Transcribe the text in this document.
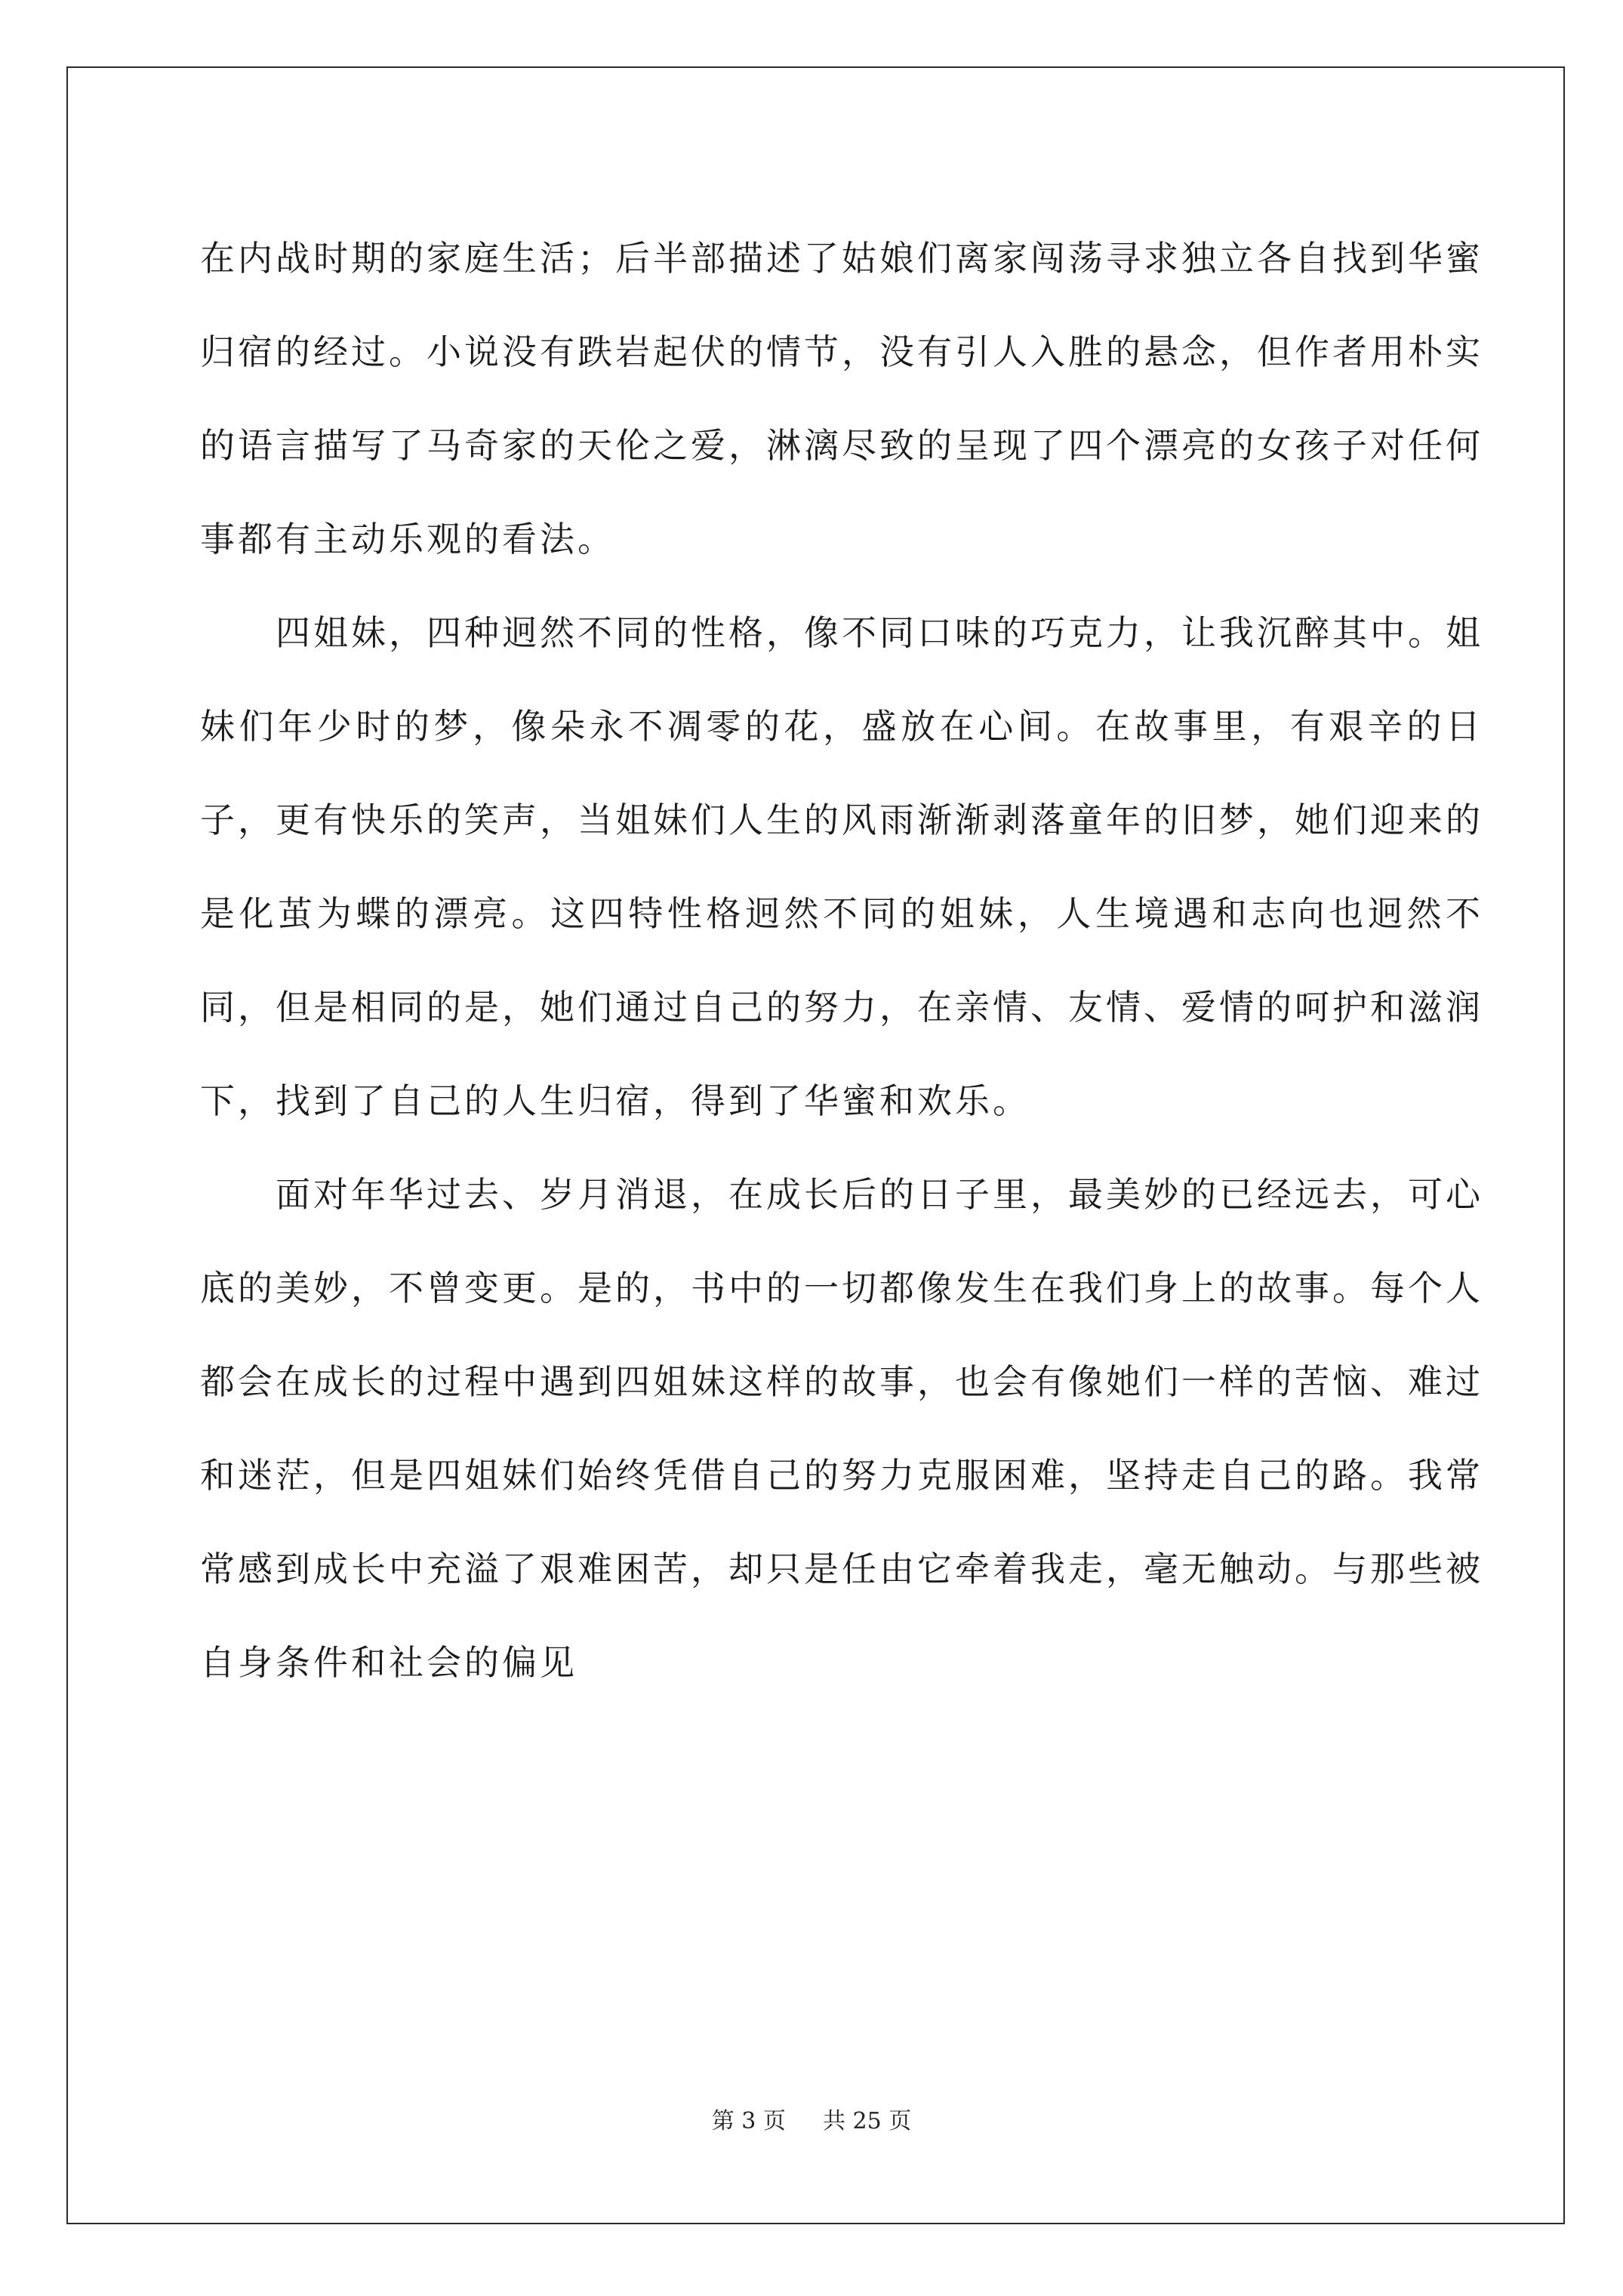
在内战时期的家庭生活；后半部描述了姑娘们离家闯荡寻求独立各自找到华蜜归宿的经过。小说没有跌岩起伏的情节，没有引人入胜的悬念，但作者用朴实的语言描写了马奇家的天伦之爱，淋漓尽致的呈现了四个漂亮的女孩子对任何事都有主动乐观的看法。

四姐妹，四种迥然不同的性格，像不同口味的巧克力，让我沉醉其中。姐妹们年少时的梦，像朵永不凋零的花，盛放在心间。在故事里，有艰辛的日子，更有快乐的笑声，当姐妹们人生的风雨渐渐剥落童年的旧梦，她们迎来的是化茧为蝶的漂亮。这四特性格迥然不同的姐妹，人生境遇和志向也迥然不同，但是相同的是，她们通过自己的努力，在亲情、友情、爱情的呵护和滋润下，找到了自己的人生归宿，得到了华蜜和欢乐。

面对年华过去、岁月消退，在成长后的日子里，最美妙的已经远去，可心底的美妙，不曾变更。是的，书中的一切都像发生在我们身上的故事。每个人都会在成长的过程中遇到四姐妹这样的故事，也会有像她们一样的苦恼、难过和迷茫，但是四姐妹们始终凭借自己的努力克服困难，坚持走自己的路。我常常感到成长中充溢了艰难困苦，却只是任由它牵着我走，毫无触动。与那些被自身条件和社会的偏见

第 3 页 共 25 页
